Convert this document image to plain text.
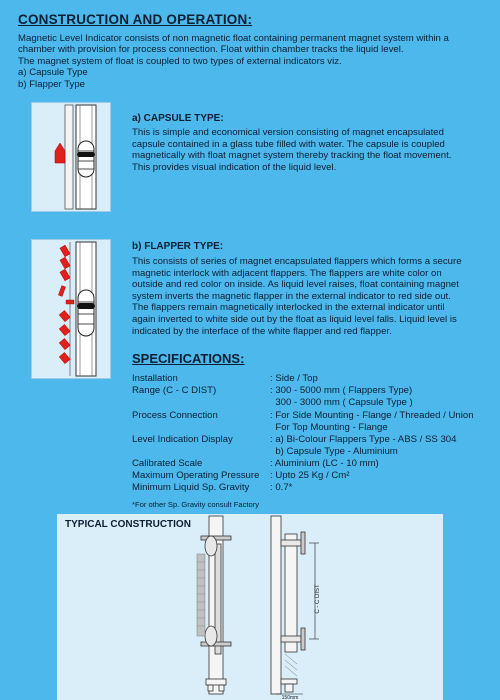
CONSTRUCTION AND OPERATION:
Magnetic Level Indicator consists of non magnetic float containing permanent magnet system within a
chamber with provision for process connection. Float within chamber tracks the liquid level.
The magnet system of float is coupled to two types of external indicators viz.
a) Capsule Type
b) Flapper Type
a) CAPSULE TYPE:
This is simple and economical version consisting of magnet encapsulated
capsule contained in a glass tube filled with water. The capsule is coupled
magnetically with float magnet system thereby tracking the float movement.
This provides visual indication of the liquid level.
b) FLAPPER TYPE:
This consists of series of magnet encapsulated flappers which forms a secure
magnetic interlock with adjacent flappers. The flappers are white color on
outside and red color on inside. As liquid level raises, float containing magnet
system inverts the magnetic flapper in the external indicator to red side out.
The flappers remain magnetically interlocked in the external indicator until
again inverted to white side out by the float as liquid level falls. Liquid level is
indicated by the interface of the white flapper and red flapper.
SPECIFICATIONS:
Installation	: Side / Top
Range (C - C DIST)	: 300 - 5000 mm ( Flappers Type)
300 - 3000 mm ( Capsule Type )
Process Connection	: For Side Mounting - Flange / Threaded / Union
For Top Mounting - Flange
Level Indication Display	: a) Bi-Colour Flappers Type - ABS / SS 304
b) Capsule Type - Aluminium
Calibrated Scale	: Aluminium (LC - 10 mm)
Maximum Operating Pressure	: Upto 25 Kg / Cm²
Minimum Liquid Sp. Gravity	: 0.7*
*For other Sp. Gravity consult Factory
TYPICAL CONSTRUCTION
C - C DIST
150mm
